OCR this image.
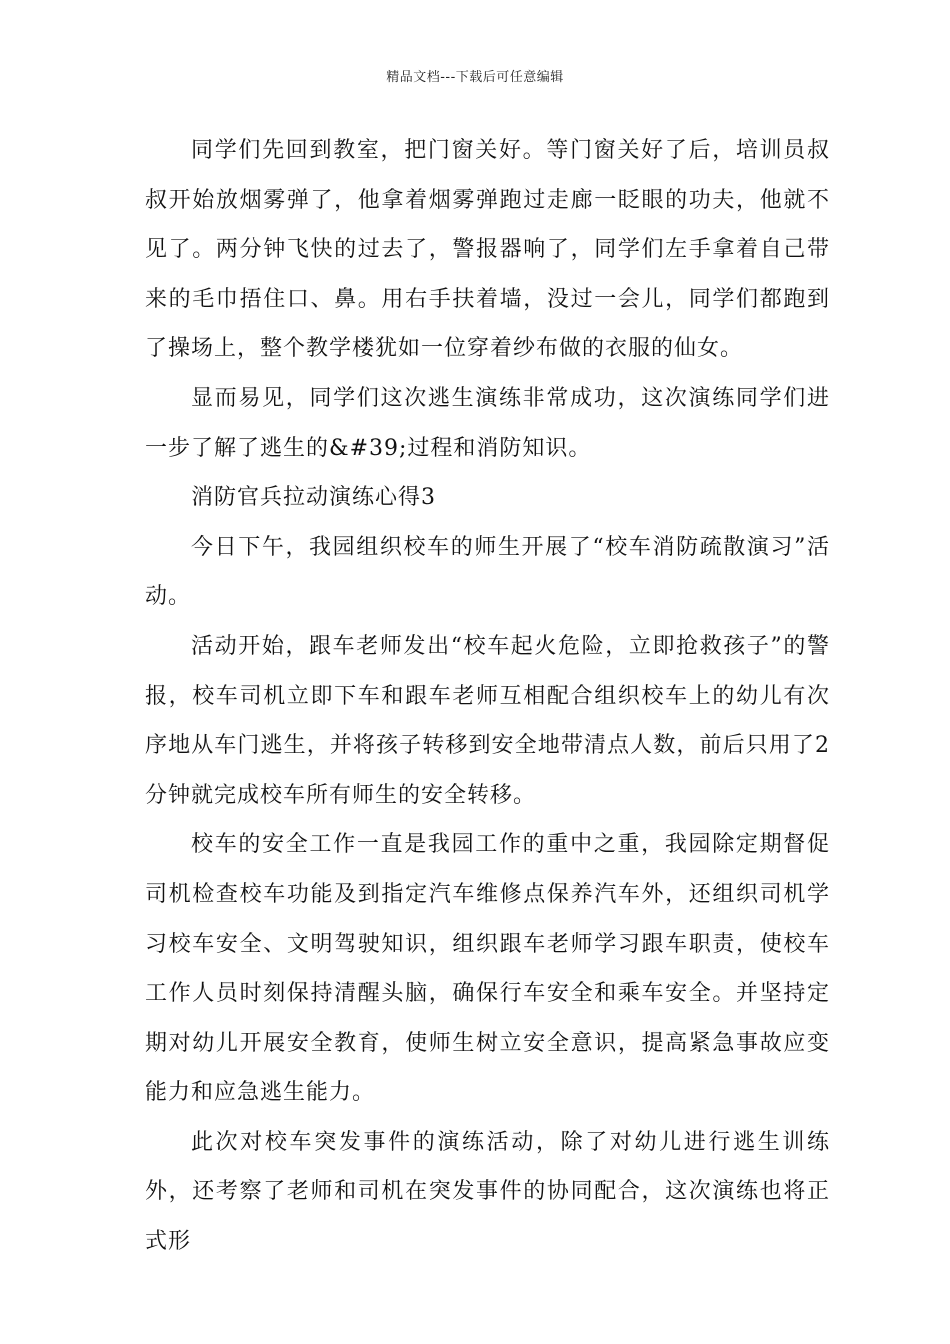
精品文档---下载后可任意编辑

同学们先回到教室，把门窗关好。等门窗关好了后，培训员叔叔开始放烟雾弹了，他拿着烟雾弹跑过走廊一眨眼的功夫，他就不见了。两分钟飞快的过去了，警报器响了，同学们左手拿着自己带来的毛巾捂住口、鼻。用右手扶着墙，没过一会儿，同学们都跑到了操场上，整个教学楼犹如一位穿着纱布做的衣服的仙女。

显而易见，同学们这次逃生演练非常成功，这次演练同学们进一步了解了逃生的&#39;过程和消防知识。

消防官兵拉动演练心得3

今日下午，我园组织校车的师生开展了“校车消防疏散演习”活动。

活动开始，跟车老师发出“校车起火危险，立即抢救孩子”的警报，校车司机立即下车和跟车老师互相配合组织校车上的幼儿有次序地从车门逃生，并将孩子转移到安全地带清点人数，前后只用了2分钟就完成校车所有师生的安全转移。

校车的安全工作一直是我园工作的重中之重，我园除定期督促司机检查校车功能及到指定汽车维修点保养汽车外，还组织司机学习校车安全、文明驾驶知识，组织跟车老师学习跟车职责，使校车工作人员时刻保持清醒头脑，确保行车安全和乘车安全。并坚持定期对幼儿开展安全教育，使师生树立安全意识，提高紧急事故应变能力和应急逃生能力。

此次对校车突发事件的演练活动，除了对幼儿进行逃生训练外，还考察了老师和司机在突发事件的协同配合，这次演练也将正式形
